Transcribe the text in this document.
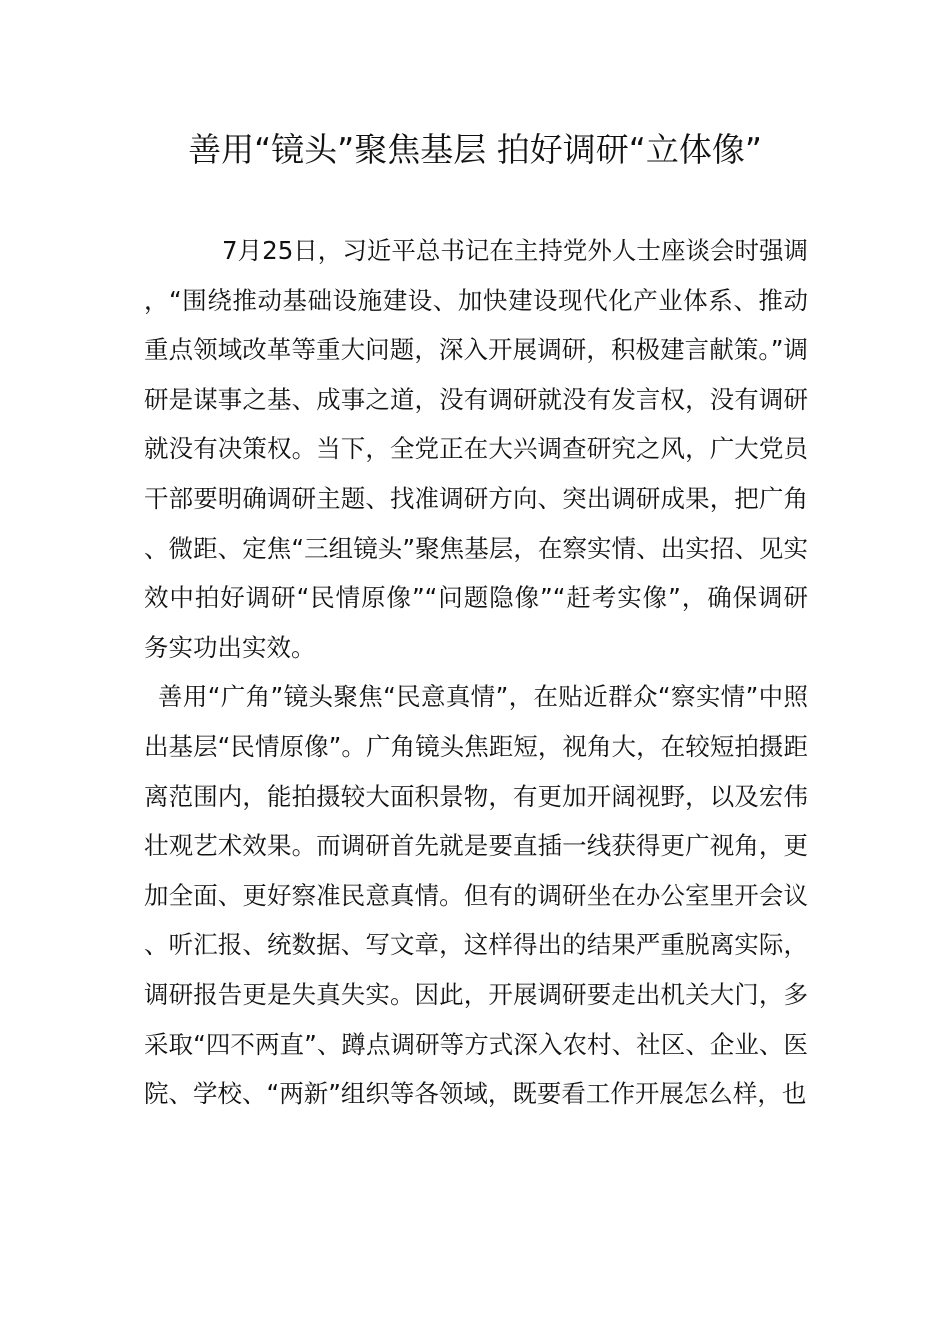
善用“镜头”聚焦基层 拍好调研“立体像”

7月25日，习近平总书记在主持党外人士座谈会时强调，“围绕推动基础设施建设、加快建设现代化产业体系、推动重点领域改革等重大问题，深入开展调研，积极建言献策。”调研是谋事之基、成事之道，没有调研就没有发言权，没有调研就没有决策权。当下，全党正在大兴调查研究之风，广大党员干部要明确调研主题、找准调研方向、突出调研成果，把广角、微距、定焦“三组镜头”聚焦基层，在察实情、出实招、见实效中拍好调研“民情原像”“问题隐像”“赶考实像”，确保调研务实功出实效。

善用“广角”镜头聚焦“民意真情”，在贴近群众“察实情”中照出基层“民情原像”。广角镜头焦距短，视角大，在较短拍摄距离范围内，能拍摄较大面积景物，有更加开阔视野，以及宏伟壮观艺术效果。而调研首先就是要直插一线获得更广视角，更加全面、更好察准民意真情。但有的调研坐在办公室里开会议、听汇报、统数据、写文章，这样得出的结果严重脱离实际，调研报告更是失真失实。因此，开展调研要走出机关大门，多采取“四不两直”、蹲点调研等方式深入农村、社区、企业、医院、学校、“两新”组织等各领域，既要看工作开展怎么样，也
